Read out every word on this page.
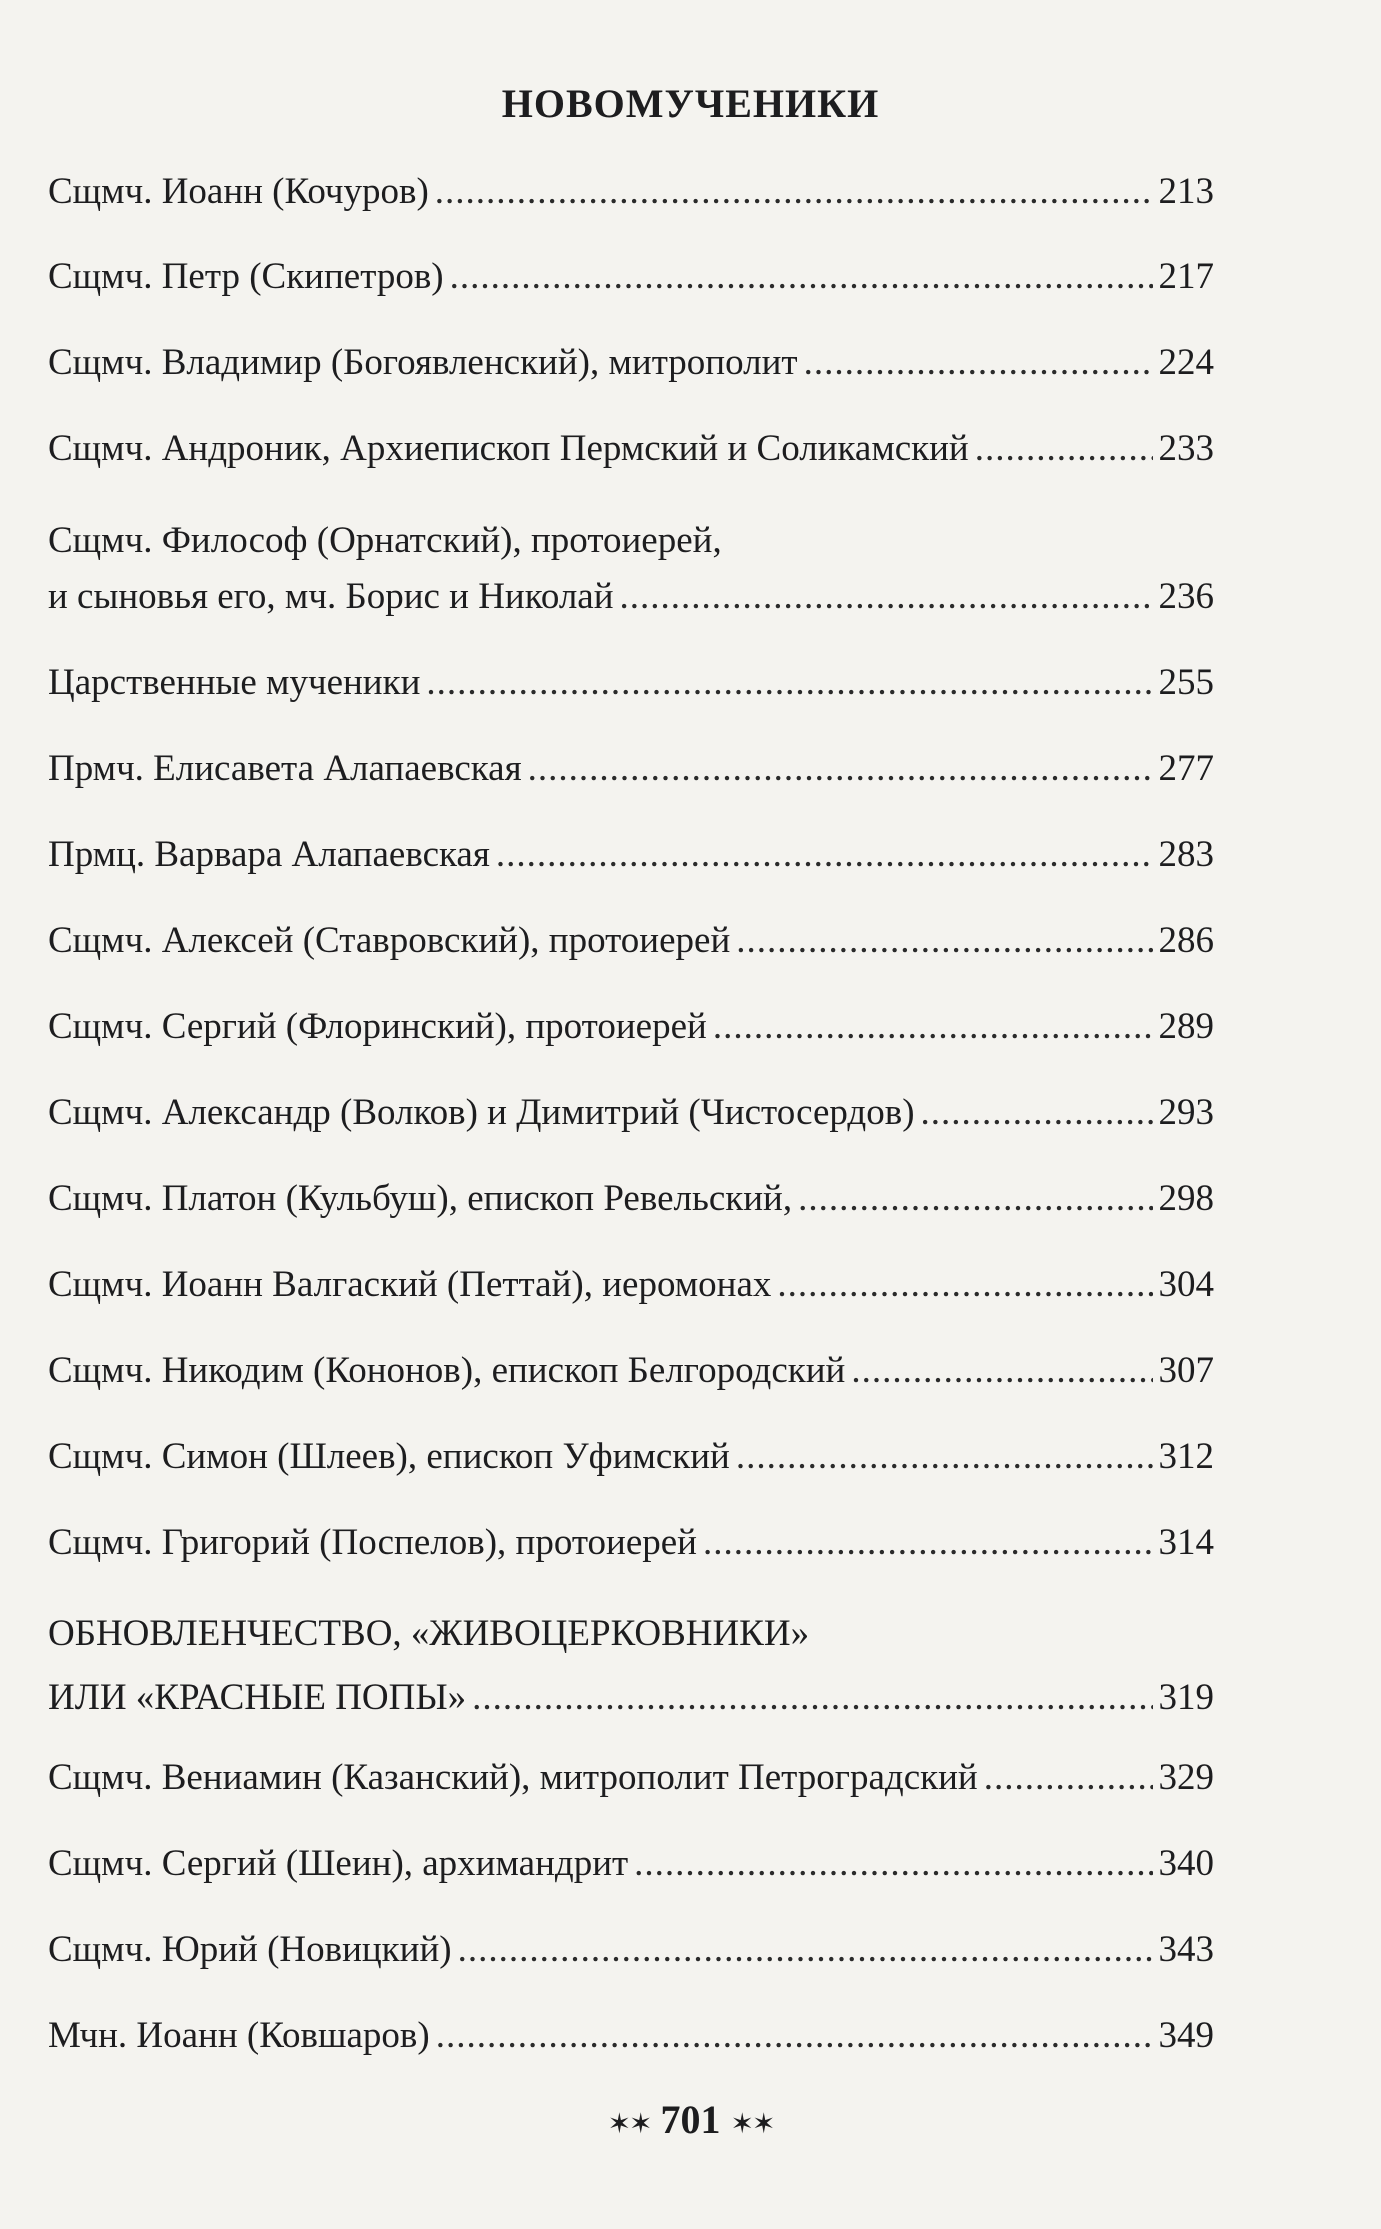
НОВОМУЧЕНИКИ
Сщмч. Иоанн (Кочуров) .....	213
Сщмч. Петр (Скипетров) .....	217
Сщмч. Владимир (Богоявленский), митрополит .....	224
Сщмч. Андроник, Архиепископ Пермский и Соликамский .....	233
Сщмч. Философ (Орнатский), протоиерей,
и сыновья его, мч. Борис и Николай .....	236
Царственные мученики .....	255
Прмч. Елисавета Алапаевская .....	277
Прмц. Варвара Алапаевская .....	283
Сщмч. Алексей (Ставровский), протоиерей .....	286
Сщмч. Сергий (Флоринский), протоиерей .....	289
Сщмч. Александр (Волков) и Димитрий (Чистосердов) .....	293
Сщмч. Платон (Кульбуш), епископ Ревельский, .....	298
Сщмч. Иоанн Валгаский (Петтай), иеромонах .....	304
Сщмч. Никодим (Кононов), епископ Белгородский .....	307
Сщмч. Симон (Шлеев), епископ Уфимский .....	312
Сщмч. Григорий (Поспелов), протоиерей .....	314
ОБНОВЛЕНЧЕСТВО, «ЖИВОЦЕРКОВНИКИ»
ИЛИ «КРАСНЫЕ ПОПЫ» .....	319
Сщмч. Вениамин (Казанский), митрополит Петроградский .....	329
Сщмч. Сергий (Шеин), архимандрит .....	340
Сщмч. Юрий (Новицкий) .....	343
Мчн. Иоанн (Ковшаров) .....	349
✶✶ 701 ✶✶
